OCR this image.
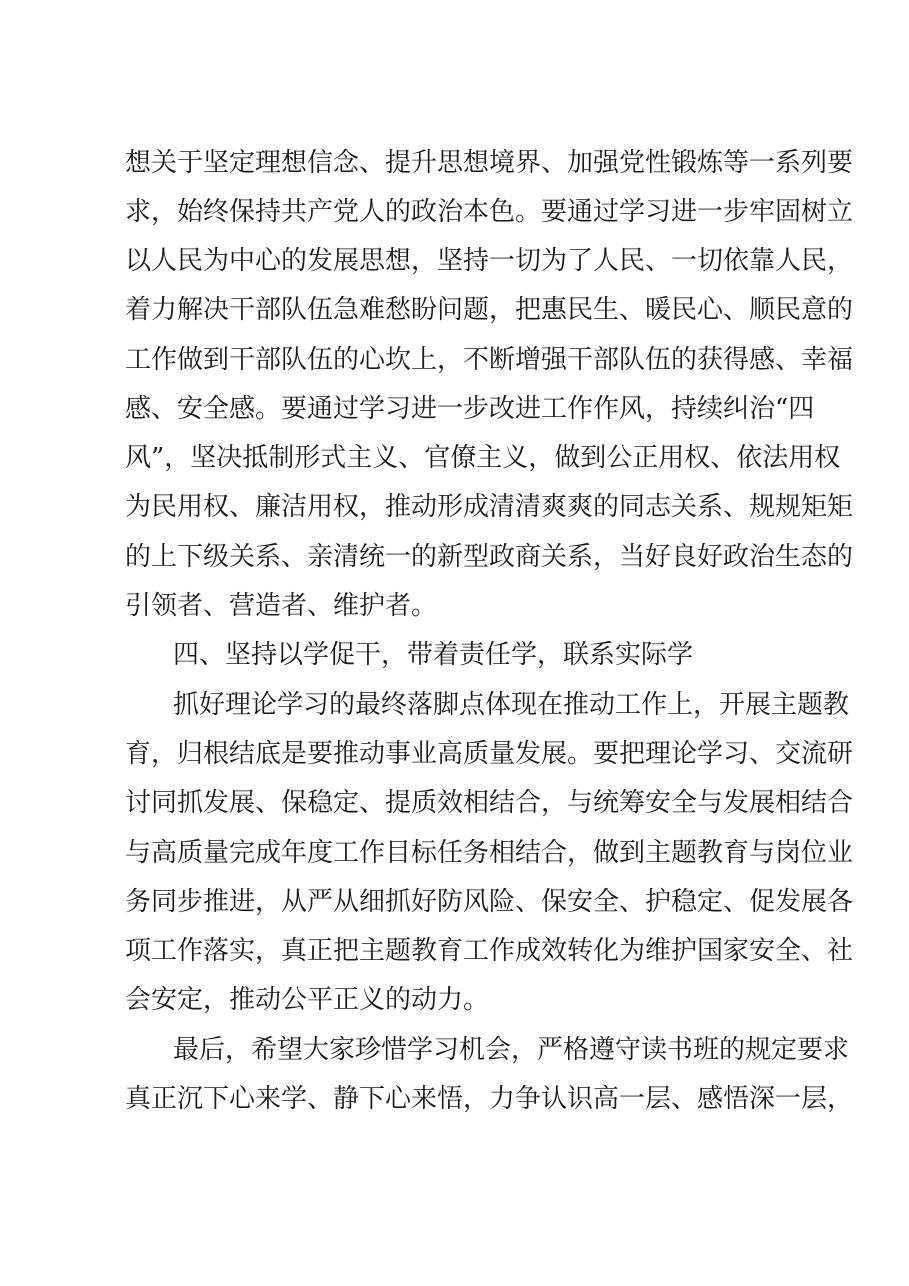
想关于坚定理想信念、提升思想境界、加强党性锻炼等一系列要
求，始终保持共产党人的政治本色。要通过学习进一步牢固树立
以人民为中心的发展思想，坚持一切为了人民、一切依靠人民，
着力解决干部队伍急难愁盼问题，把惠民生、暖民心、顺民意的
工作做到干部队伍的心坎上，不断增强干部队伍的获得感、幸福
感、安全感。要通过学习进一步改进工作作风，持续纠治“四
风”，坚决抵制形式主义、官僚主义，做到公正用权、依法用权
为民用权、廉洁用权，推动形成清清爽爽的同志关系、规规矩矩
的上下级关系、亲清统一的新型政商关系，当好良好政治生态的
引领者、营造者、维护者。
四、坚持以学促干，带着责任学，联系实际学
抓好理论学习的最终落脚点体现在推动工作上，开展主题教
育，归根结底是要推动事业高质量发展。要把理论学习、交流研
讨同抓发展、保稳定、提质效相结合，与统筹安全与发展相结合
与高质量完成年度工作目标任务相结合，做到主题教育与岗位业
务同步推进，从严从细抓好防风险、保安全、护稳定、促发展各
项工作落实，真正把主题教育工作成效转化为维护国家安全、社
会安定，推动公平正义的动力。
最后，希望大家珍惜学习机会，严格遵守读书班的规定要求
真正沉下心来学、静下心来悟，力争认识高一层、感悟深一层，
